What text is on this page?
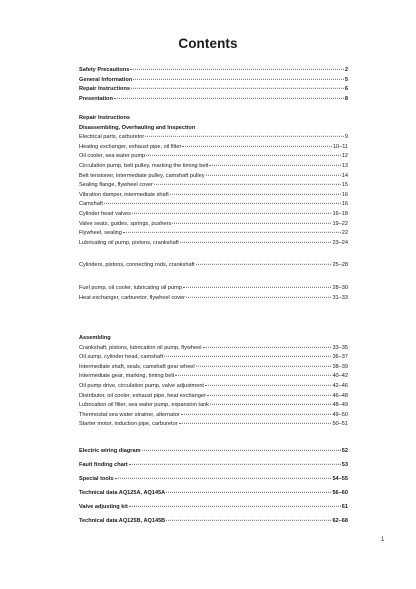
Contents
Safety Precautions	2
General Information	5
Repair Instructions	6
Presentation	8
Repair Instructions
Disassembling, Overhauling and Inspection
Electrical parts, carburetor	9
Heating exchanger, exhaust pipe, oil filter	10–11
Oil cooler, sea water pump	12
Circulation pump, belt pulley, marking the timing belt	13
Belt tensioner, intermediate pulley, camshaft pulley	14
Sealing flange, flywheel cover	15
Vibration damper, intermediate shaft	16
Camshaft	16
Cylinder head valves	16–18
Valve seats, guides, springs, pushers	19–22
Flywheel, sealing	22
Lubricating oil pump, pistons, crankshaft	23–24
Cylinders, pistons, connecting rods, crankshaft	25–28
Fuel pump, oil cooler, lubricating oil pump	28–30
Heat exchanger, carburetor, flywheel cover	31–33
Assembling
Crankshaft, pistons, lubrication oil pump, flywheel	33–35
Oil sump, cylinder head, camshaft	36–37
Intermediate shaft, seals, camshaft gear wheel	38–39
Intermediate gear, marking, timing belt	40–42
Oil pump drive, circulation pump, valve adjustment	42–46
Distributor, oil cooler, exhaust pipe, heat exchanger	46–48
Lubrication oil filter, sea water pump, expansion tank	48–49
Thermostat sea water strainer, alternator	49–50
Starter motor, induction pipe, carburetor	50–51
Electric wiring diagram	52
Fault finding chart	53
Special tools	54–55
Technical data AQ125A, AQ145A	56–60
Valve adjusting kit	61
Technical data AQ125B, AQ145B	62–68
1
